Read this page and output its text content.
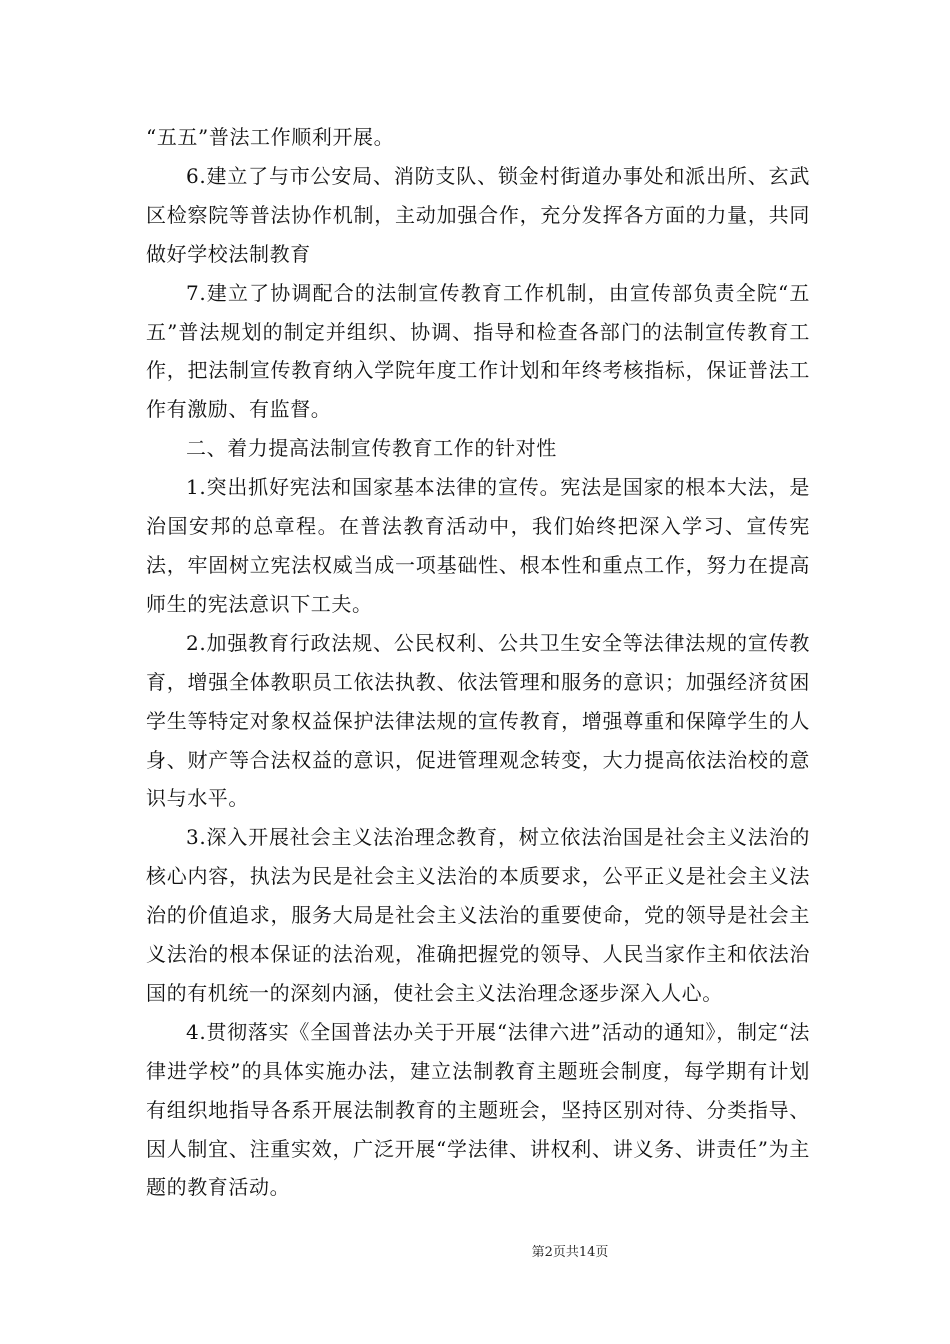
“五五”普法工作顺利开展。

6.建立了与市公安局、消防支队、锁金村街道办事处和派出所、玄武区检察院等普法协作机制，主动加强合作，充分发挥各方面的力量，共同做好学校法制教育

7.建立了协调配合的法制宣传教育工作机制，由宣传部负责全院“五五”普法规划的制定并组织、协调、指导和检查各部门的法制宣传教育工作，把法制宣传教育纳入学院年度工作计划和年终考核指标，保证普法工作有激励、有监督。

二、着力提高法制宣传教育工作的针对性

1.突出抓好宪法和国家基本法律的宣传。宪法是国家的根本大法，是治国安邦的总章程。在普法教育活动中，我们始终把深入学习、宣传宪法，牢固树立宪法权威当成一项基础性、根本性和重点工作，努力在提高师生的宪法意识下工夫。

2.加强教育行政法规、公民权利、公共卫生安全等法律法规的宣传教育，增强全体教职员工依法执教、依法管理和服务的意识；加强经济贫困学生等特定对象权益保护法律法规的宣传教育，增强尊重和保障学生的人身、财产等合法权益的意识，促进管理观念转变，大力提高依法治校的意识与水平。

3.深入开展社会主义法治理念教育，树立依法治国是社会主义法治的核心内容，执法为民是社会主义法治的本质要求，公平正义是社会主义法治的价值追求，服务大局是社会主义法治的重要使命，党的领导是社会主义法治的根本保证的法治观，准确把握党的领导、人民当家作主和依法治国的有机统一的深刻内涵，使社会主义法治理念逐步深入人心。

4.贯彻落实《全国普法办关于开展“法律六进”活动的通知》，制定“法律进学校”的具体实施办法，建立法制教育主题班会制度，每学期有计划有组织地指导各系开展法制教育的主题班会，坚持区别对待、分类指导、因人制宜、注重实效，广泛开展“学法律、讲权利、讲义务、讲责任”为主题的教育活动。

第2页共14页
